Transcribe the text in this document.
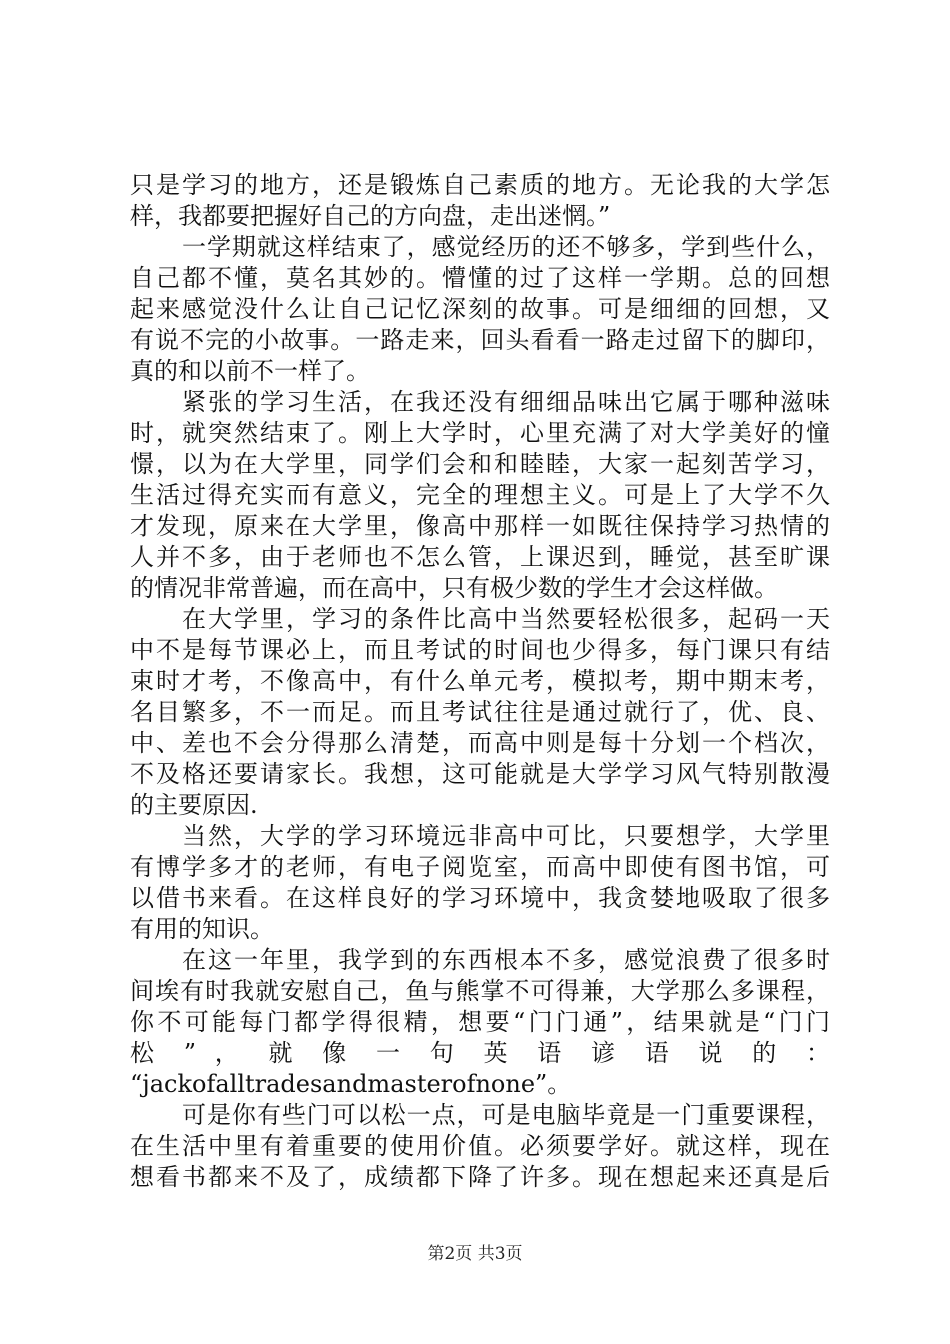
只是学习的地方，还是锻炼自己素质的地方。无论我的大学怎
样，我都要把握好自己的方向盘，走出迷惘。”
一学期就这样结束了，感觉经历的还不够多，学到些什么，
自己都不懂，莫名其妙的。懵懂的过了这样一学期。总的回想
起来感觉没什么让自己记忆深刻的故事。可是细细的回想，又
有说不完的小故事。一路走来，回头看看一路走过留下的脚印，
真的和以前不一样了。
紧张的学习生活，在我还没有细细品味出它属于哪种滋味
时，就突然结束了。刚上大学时，心里充满了对大学美好的憧
憬，以为在大学里，同学们会和和睦睦，大家一起刻苦学习，
生活过得充实而有意义，完全的理想主义。可是上了大学不久
才发现，原来在大学里，像高中那样一如既往保持学习热情的
人并不多，由于老师也不怎么管，上课迟到，睡觉，甚至旷课
的情况非常普遍，而在高中，只有极少数的学生才会这样做。
在大学里，学习的条件比高中当然要轻松很多，起码一天
中不是每节课必上，而且考试的时间也少得多，每门课只有结
束时才考，不像高中，有什么单元考，模拟考，期中期末考，
名目繁多，不一而足。而且考试往往是通过就行了，优、良、
中、差也不会分得那么清楚，而高中则是每十分划一个档次，
不及格还要请家长。我想，这可能就是大学学习风气特别散漫
的主要原因.
当然，大学的学习环境远非高中可比，只要想学，大学里
有博学多才的老师，有电子阅览室，而高中即使有图书馆，可
以借书来看。在这样良好的学习环境中，我贪婪地吸取了很多
有用的知识。
在这一年里，我学到的东西根本不多，感觉浪费了很多时
间埃有时我就安慰自己，鱼与熊掌不可得兼，大学那么多课程，
你不可能每门都学得很精，想要“门门通”，结果就是“门门
松 ” ， 就 像 一 句 英 语 谚 语 说 的 ：
“jackofalltradesandmasterofnone”。
可是你有些门可以松一点，可是电脑毕竟是一门重要课程，
在生活中里有着重要的使用价值。必须要学好。就这样，现在
想看书都来不及了，成绩都下降了许多。现在想起来还真是后
第2页 共3页
